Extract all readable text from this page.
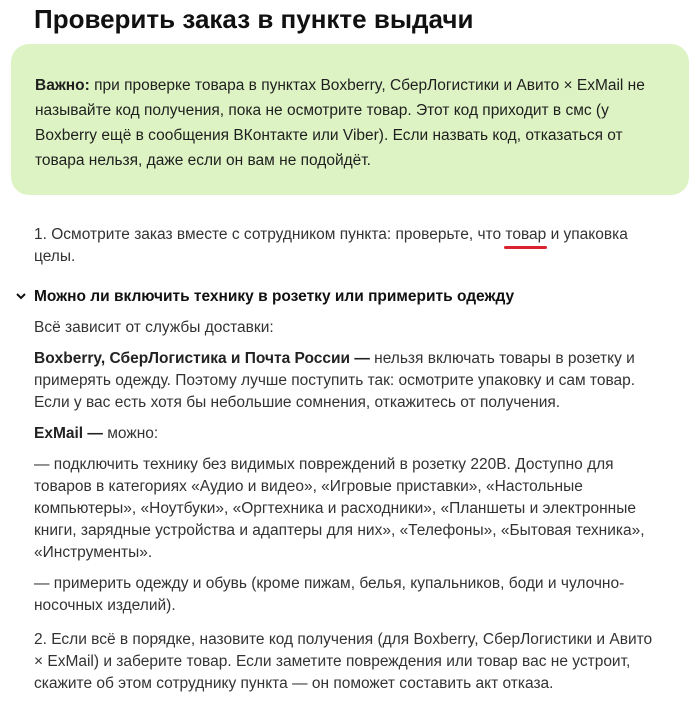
Проверить заказ в пункте выдачи
Важно: при проверке товара в пунктах Boxberry, СберЛогистики и Авито × ExMail не называйте код получения, пока не осмотрите товар. Этот код приходит в смс (у Boxberry ещё в сообщения ВКонтакте или Viber). Если назвать код, отказаться от товара нельзя, даже если он вам не подойдёт.

1. Осмотрите заказ вместе с сотрудником пункта: проверьте, что товар и упаковка целы.

Можно ли включить технику в розетку или примерить одежду

Всё зависит от службы доставки:

Boxberry, СберЛогистика и Почта России — нельзя включать товары в розетку и примерять одежду. Поэтому лучше поступить так: осмотрите упаковку и сам товар. Если у вас есть хотя бы небольшие сомнения, откажитесь от получения.

ExMail — можно:

— подключить технику без видимых повреждений в розетку 220В. Доступно для товаров в категориях «Аудио и видео», «Игровые приставки», «Настольные компьютеры», «Ноутбуки», «Оргтехника и расходники», «Планшеты и электронные книги, зарядные устройства и адаптеры для них», «Телефоны», «Бытовая техника», «Инструменты».

— примерить одежду и обувь (кроме пижам, белья, купальников, боди и чулочно-носочных изделий).

2. Если всё в порядке, назовите код получения (для Boxberry, СберЛогистики и Авито × ExMail) и заберите товар. Если заметите повреждения или товар вас не устроит, скажите об этом сотруднику пункта — он поможет составить акт отказа.
